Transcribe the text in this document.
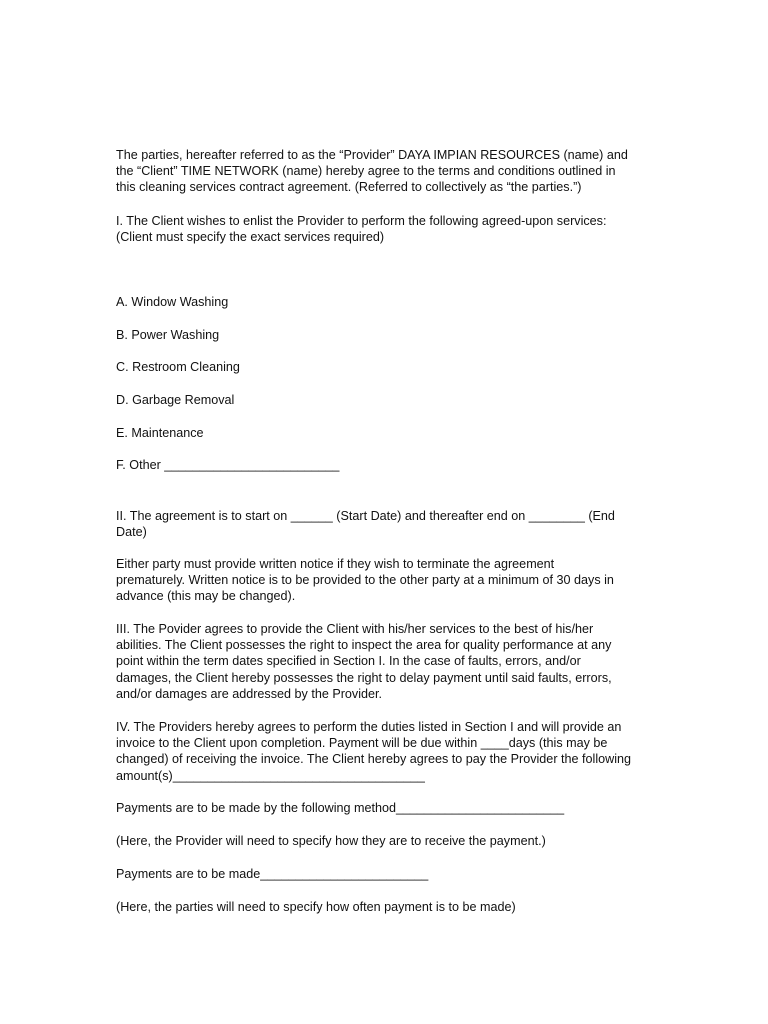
The parties, hereafter referred to as the “Provider” DAYA IMPIAN RESOURCES (name) and
the “Client” TIME NETWORK (name) hereby agree to the terms and conditions outlined in
this cleaning services contract agreement. (Referred to collectively as “the parties.”)
I. The Client wishes to enlist the Provider to perform the following agreed-upon services:
(Client must specify the exact services required)

A. Window Washing

B. Power Washing

C. Restroom Cleaning

D. Garbage Removal

E. Maintenance

F. Other _________________________

II. The agreement is to start on ______ (Start Date) and thereafter end on ________ (End
Date)
Either party must provide written notice if they wish to terminate the agreement
prematurely. Written notice is to be provided to the other party at a minimum of 30 days in
advance (this may be changed).
III. The Povider agrees to provide the Client with his/her services to the best of his/her
abilities. The Client possesses the right to inspect the area for quality performance at any
point within the term dates specified in Section I. In the case of faults, errors, and/or
damages, the Client hereby possesses the right to delay payment until said faults, errors,
and/or damages are addressed by the Provider.
IV. The Providers hereby agrees to perform the duties listed in Section I and will provide an
invoice to the Client upon completion. Payment will be due within ____days (this may be
changed) of receiving the invoice. The Client hereby agrees to pay the Provider the following
amount(s)____________________________________

Payments are to be made by the following method________________________

(Here, the Provider will need to specify how they are to receive the payment.)

Payments are to be made________________________

(Here, the parties will need to specify how often payment is to be made)
